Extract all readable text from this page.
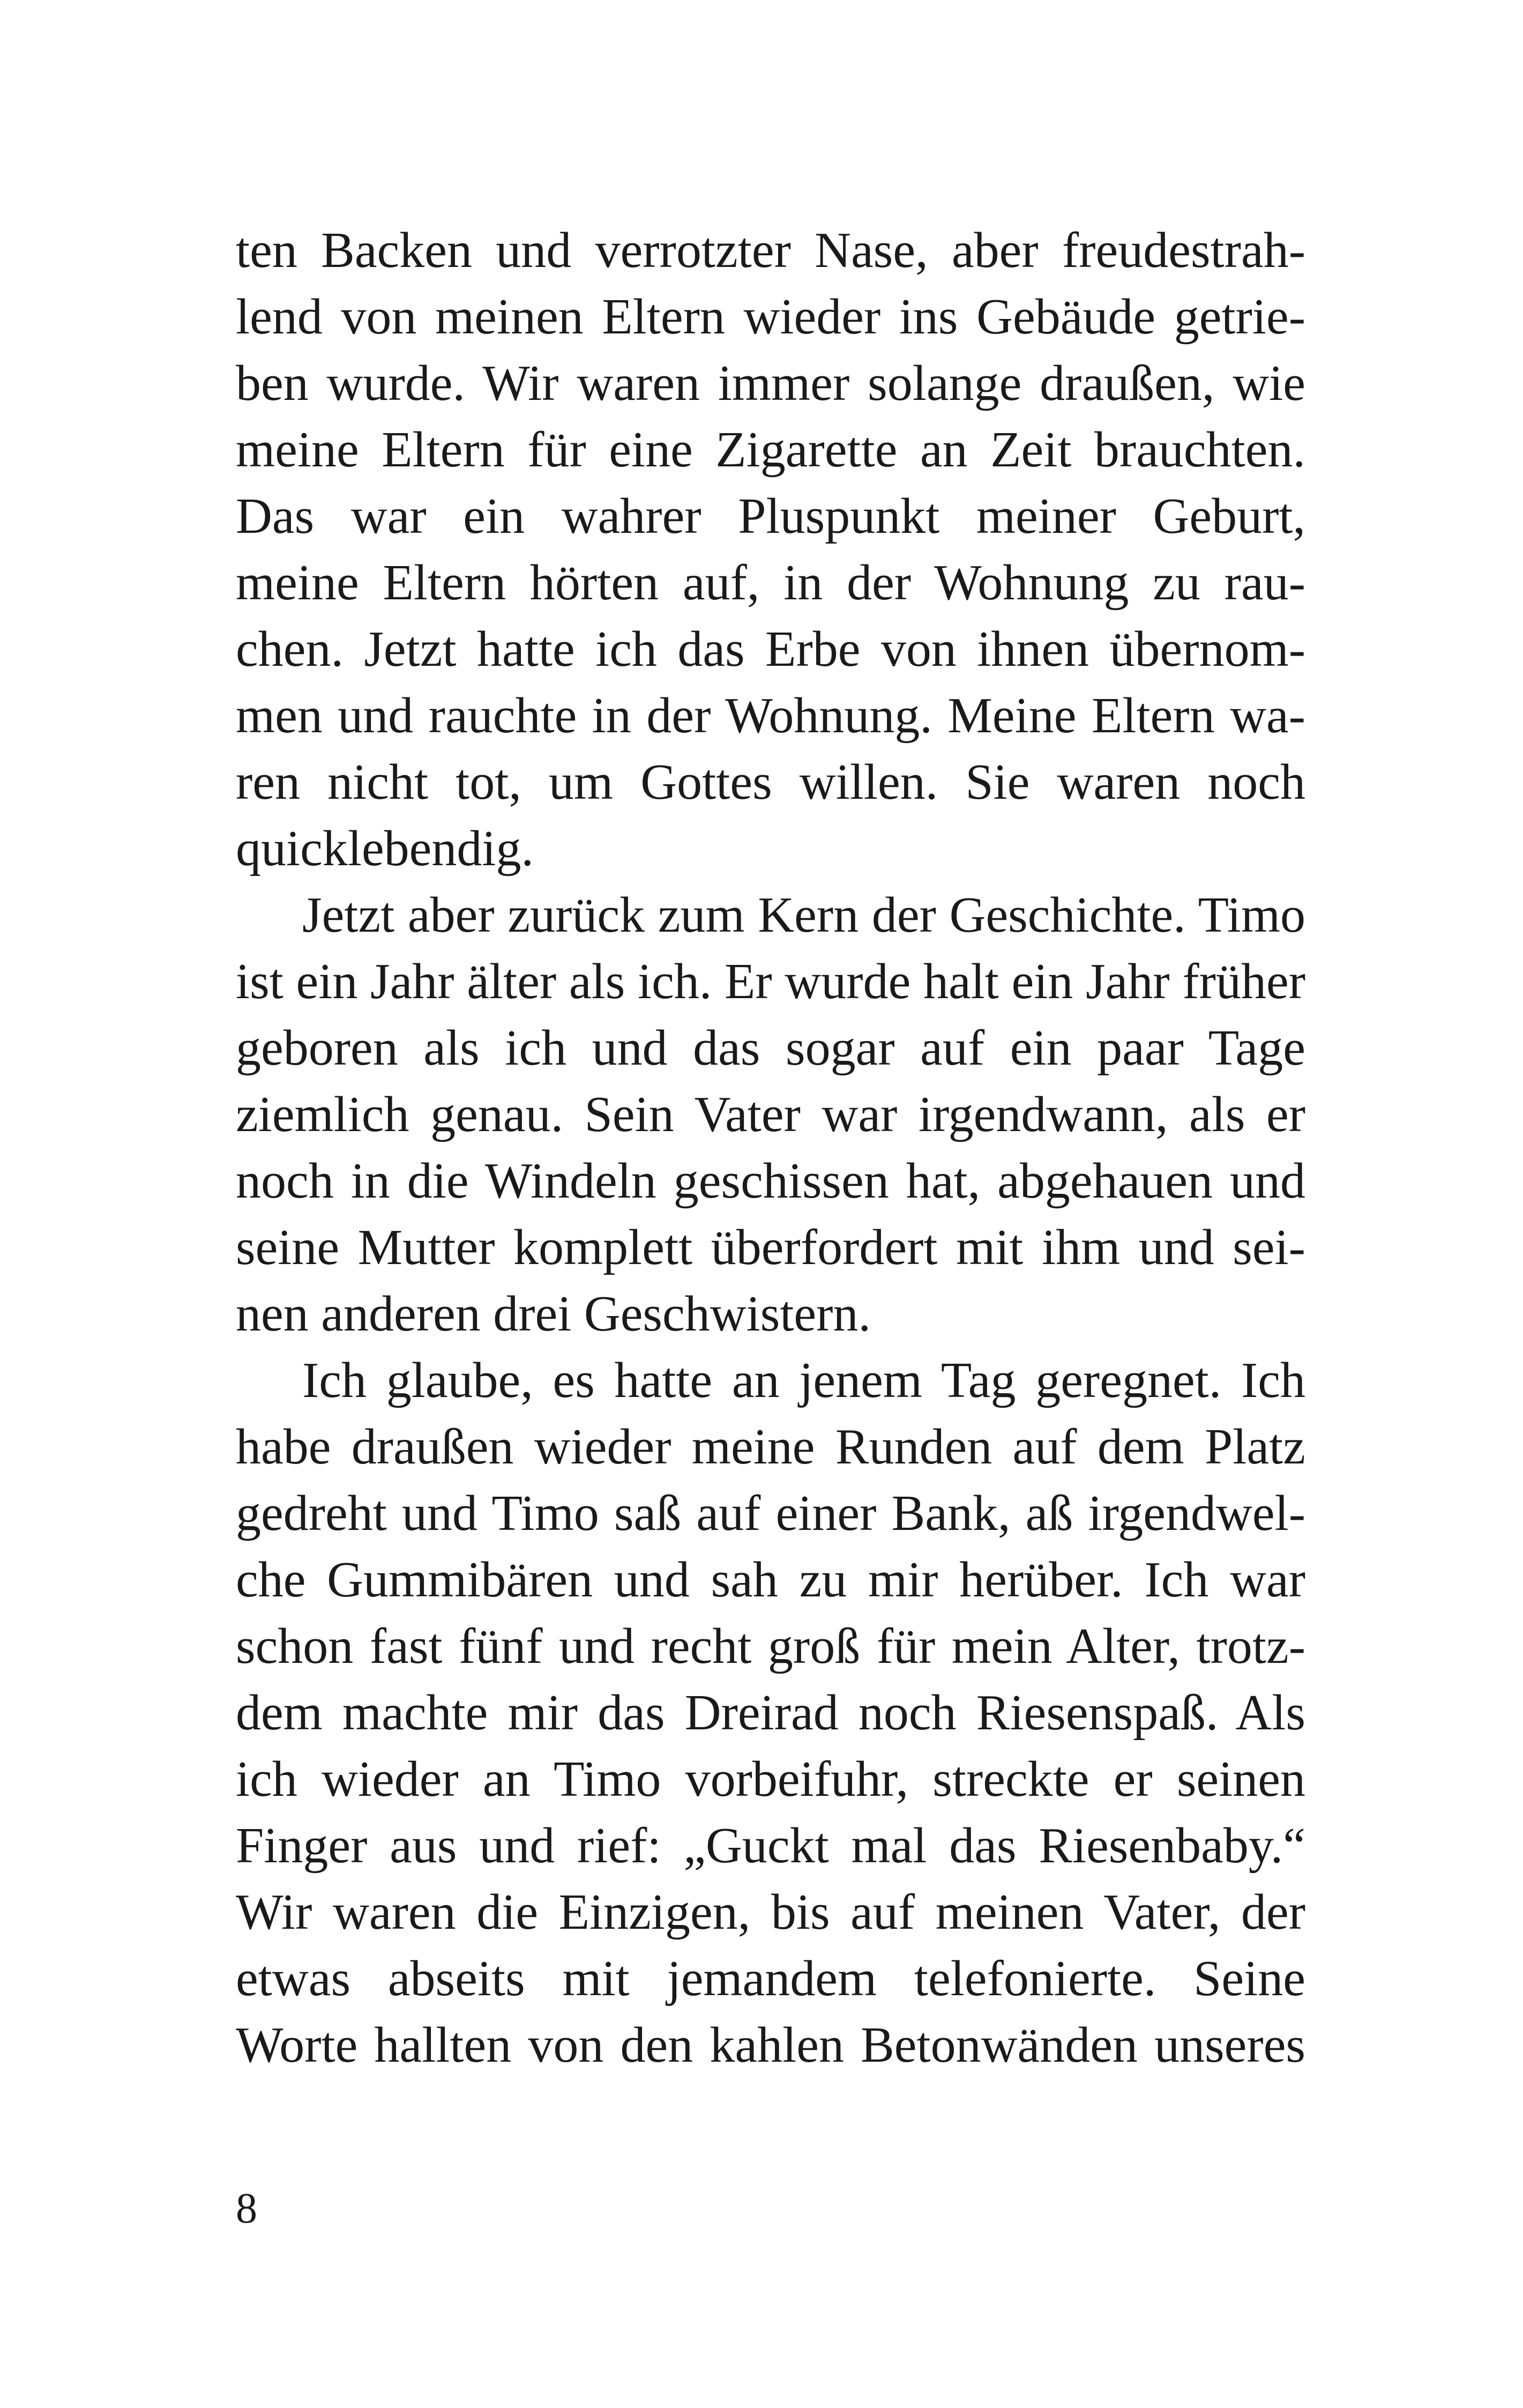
ten Backen und verrotzter Nase, aber freudestrah-
lend von meinen Eltern wieder ins Gebäude getrie-
ben wurde. Wir waren immer solange draußen, wie
meine Eltern für eine Zigarette an Zeit brauchten.
Das war ein wahrer Pluspunkt meiner Geburt,
meine Eltern hörten auf, in der Wohnung zu rau-
chen. Jetzt hatte ich das Erbe von ihnen übernom-
men und rauchte in der Wohnung. Meine Eltern wa-
ren nicht tot, um Gottes willen. Sie waren noch
quicklebendig.
Jetzt aber zurück zum Kern der Geschichte. Timo
ist ein Jahr älter als ich. Er wurde halt ein Jahr früher
geboren als ich und das sogar auf ein paar Tage
ziemlich genau. Sein Vater war irgendwann, als er
noch in die Windeln geschissen hat, abgehauen und
seine Mutter komplett überfordert mit ihm und sei-
nen anderen drei Geschwistern.
Ich glaube, es hatte an jenem Tag geregnet. Ich
habe draußen wieder meine Runden auf dem Platz
gedreht und Timo saß auf einer Bank, aß irgendwel-
che Gummibären und sah zu mir herüber. Ich war
schon fast fünf und recht groß für mein Alter, trotz-
dem machte mir das Dreirad noch Riesenspaß. Als
ich wieder an Timo vorbeifuhr, streckte er seinen
Finger aus und rief: „Guckt mal das Riesenbaby.“
Wir waren die Einzigen, bis auf meinen Vater, der
etwas abseits mit jemandem telefonierte. Seine
Worte hallten von den kahlen Betonwänden unseres
8
